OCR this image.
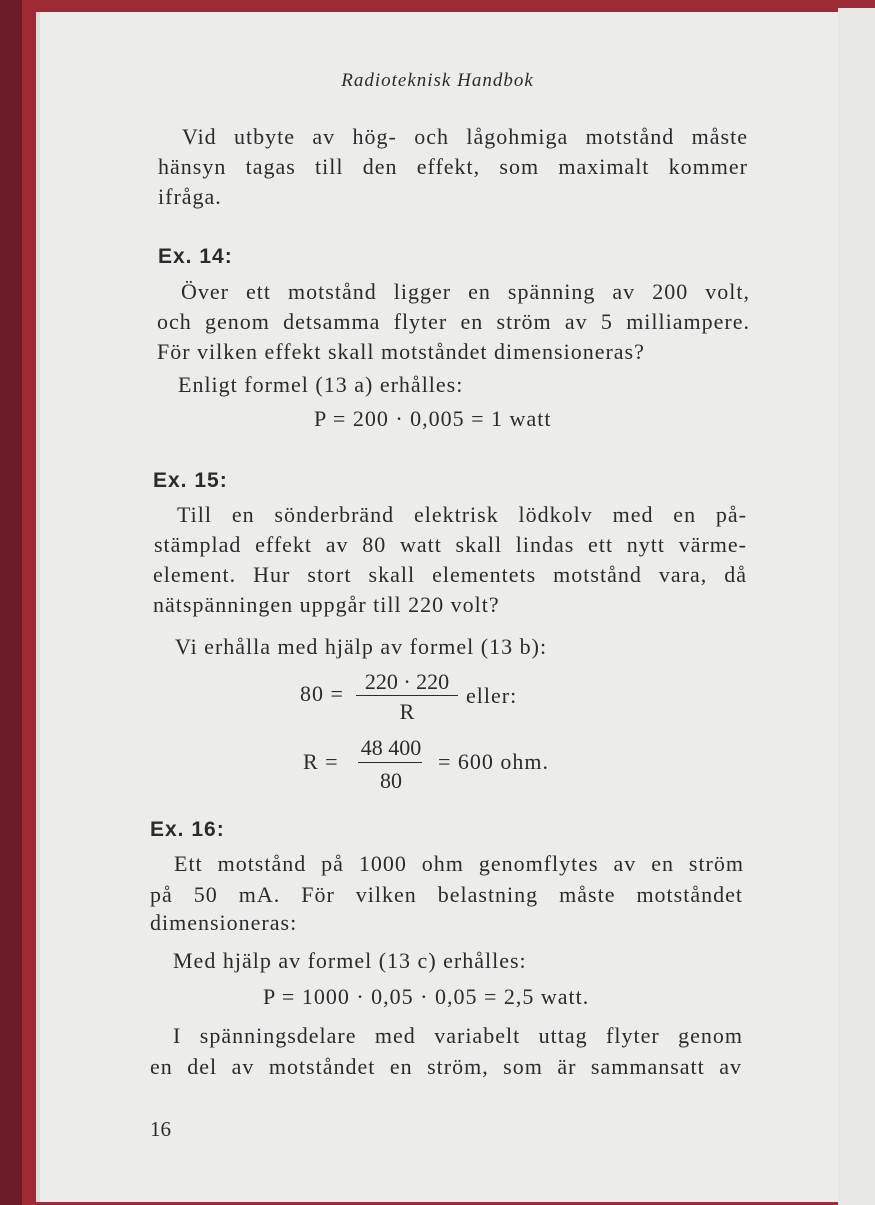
Radioteknisk Handbok
Vid utbyte av hög- och lågohmiga motstånd måste
hänsyn tagas till den effekt, som maximalt kommer
ifråga.
Ex. 14:
Över ett motstånd ligger en spänning av 200 volt,
och genom detsamma flyter en ström av 5 milliampere.
För vilken effekt skall motståndet dimensioneras?
Enligt formel (13 a) erhålles:
P = 200 · 0,005 = 1 watt
Ex. 15:
Till en sönderbränd elektrisk lödkolv med en på-
stämplad effekt av 80 watt skall lindas ett nytt värme-
element. Hur stort skall elementets motstånd vara, då
nätspänningen uppgår till 220 volt?
Vi erhålla med hjälp av formel (13 b):
80 = 220 · 220
R
eller:
R =
48 400
80
= 600 ohm.
Ex. 16:
Ett motstånd på 1000 ohm genomflytes av en ström
på 50 mA. För vilken belastning måste motståndet
dimensioneras:
Med hjälp av formel (13 c) erhålles:
P = 1000 · 0,05 · 0,05 = 2,5 watt.
I spänningsdelare med variabelt uttag flyter genom
en del av motståndet en ström, som är sammansatt av
16
